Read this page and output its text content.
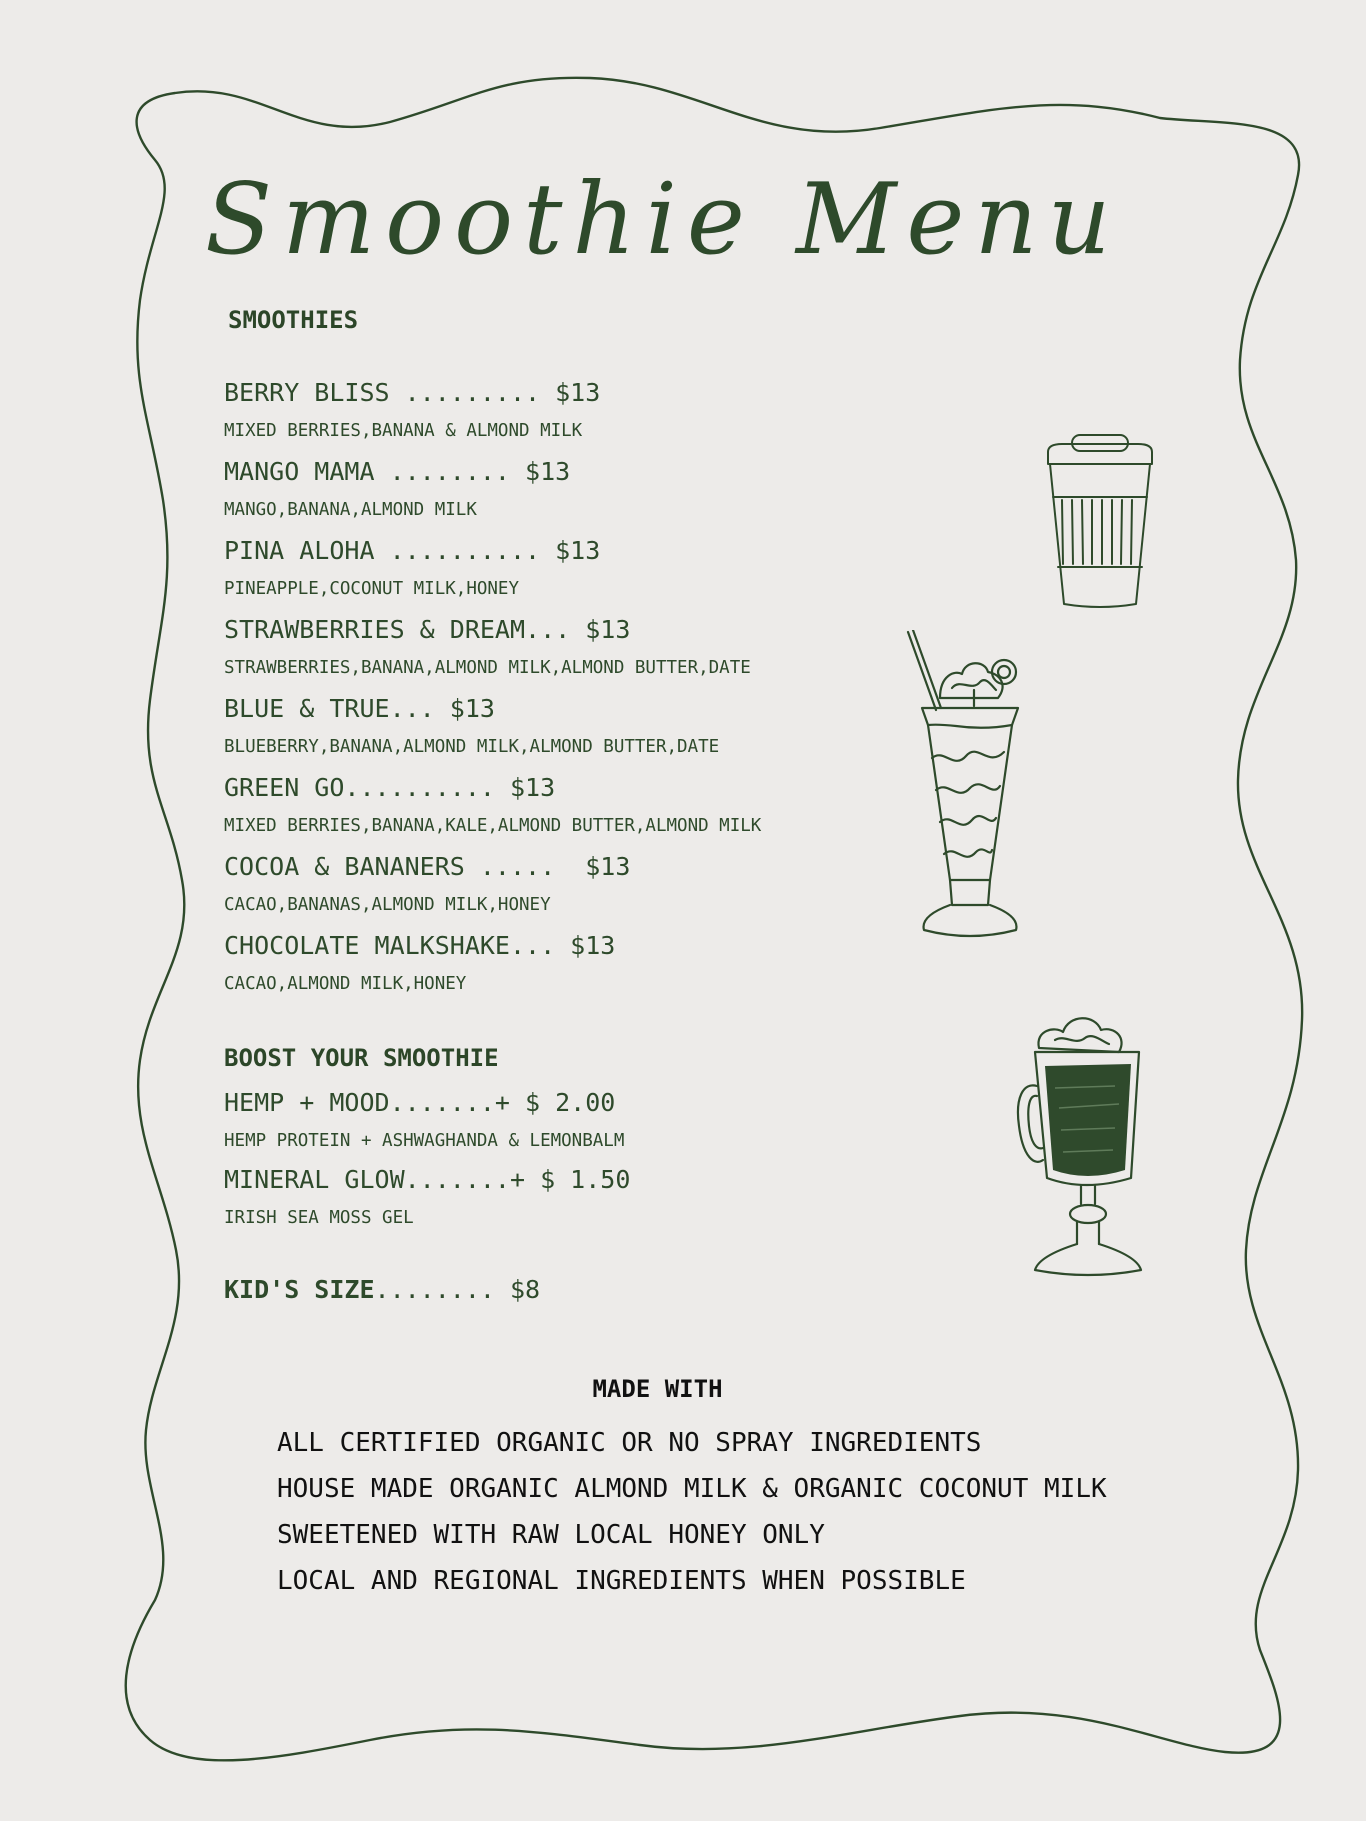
Smoothie Menu
SMOOTHIES
BERRY BLISS ......... $13
MIXED BERRIES,BANANA & ALMOND MILK
MANGO MAMA ........ $13
MANGO,BANANA,ALMOND MILK
PINA ALOHA .......... $13
PINEAPPLE,COCONUT MILK,HONEY
STRAWBERRIES & DREAM... $13
STRAWBERRIES,BANANA,ALMOND MILK,ALMOND BUTTER,DATE
BLUE & TRUE... $13
BLUEBERRY,BANANA,ALMOND MILK,ALMOND BUTTER,DATE
GREEN GO.......... $13
MIXED BERRIES,BANANA,KALE,ALMOND BUTTER,ALMOND MILK
COCOA & BANANERS .....  $13
CACAO,BANANAS,ALMOND MILK,HONEY
CHOCOLATE MALKSHAKE... $13
CACAO,ALMOND MILK,HONEY
BOOST YOUR SMOOTHIE
HEMP + MOOD.......+ $ 2.00
HEMP PROTEIN + ASHWAGHANDA & LEMONBALM
MINERAL GLOW.......+ $ 1.50
IRISH SEA MOSS GEL
KID'S SIZE........ $8
MADE WITH
ALL CERTIFIED ORGANIC OR NO SPRAY INGREDIENTS
HOUSE MADE ORGANIC ALMOND MILK & ORGANIC COCONUT MILK
SWEETENED WITH RAW LOCAL HONEY ONLY
LOCAL AND REGIONAL INGREDIENTS WHEN POSSIBLE
